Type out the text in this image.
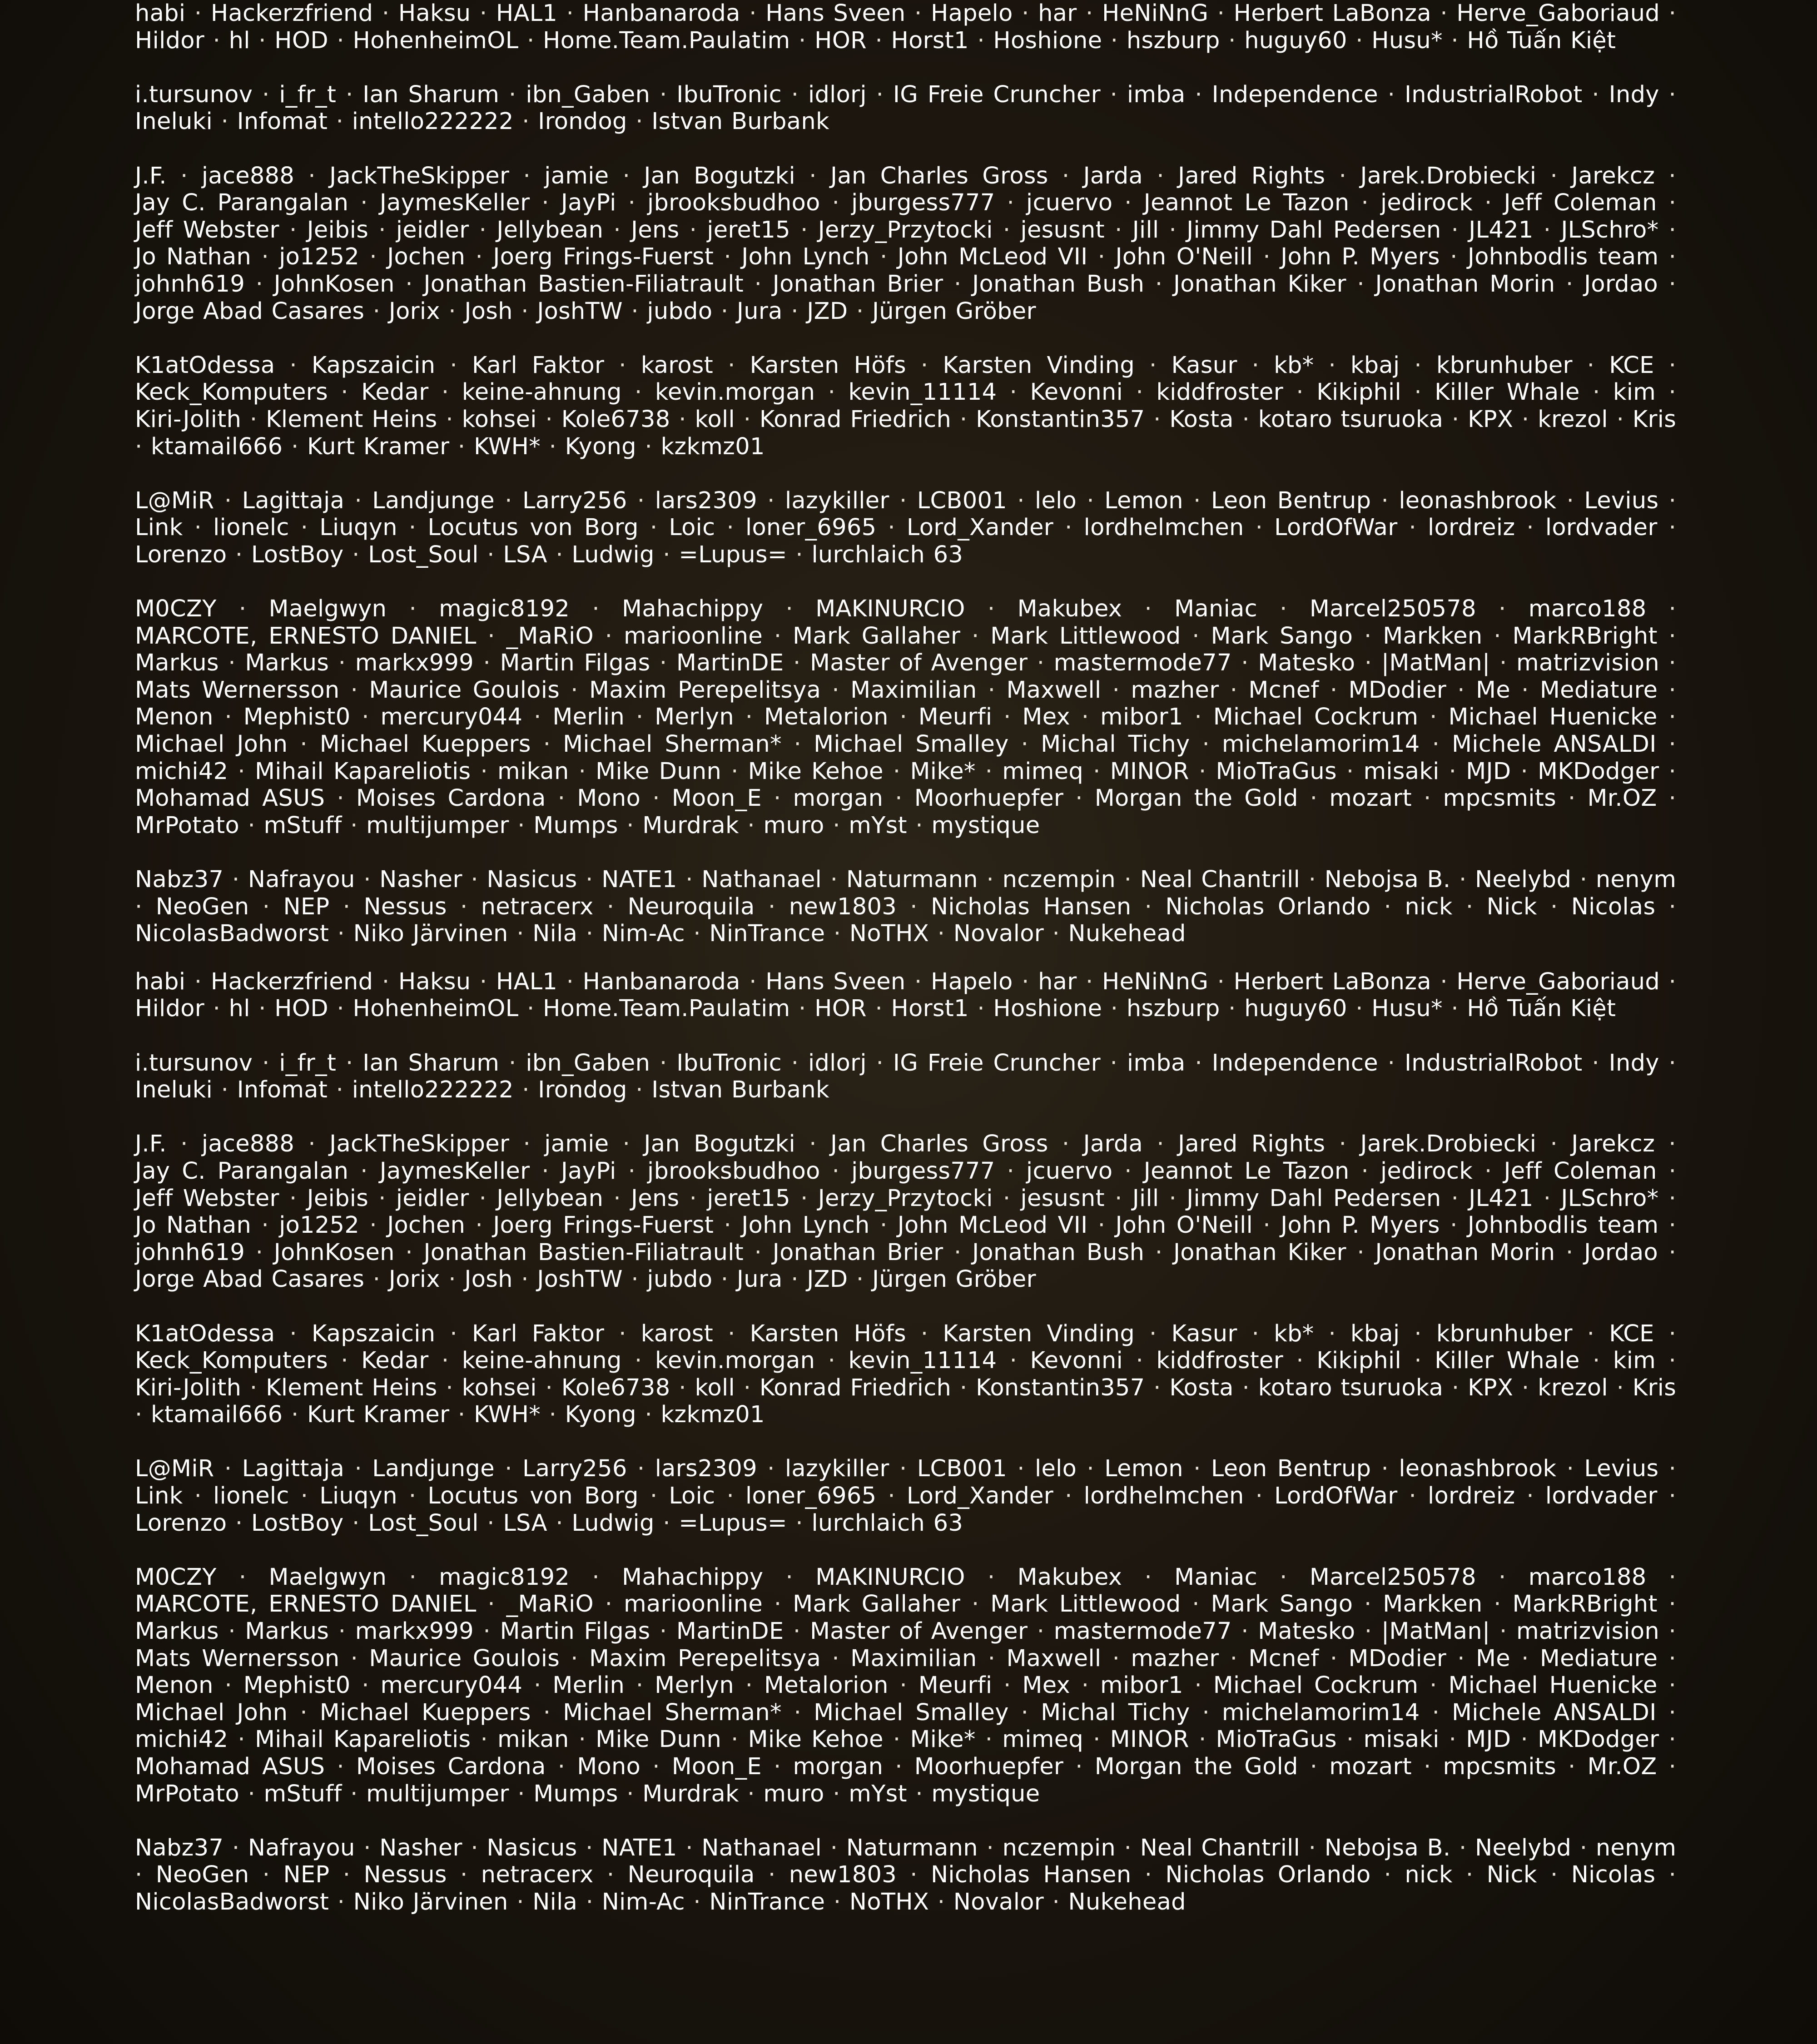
habi · Hackerzfriend · Haksu · HAL1 · Hanbanaroda · Hans Sveen · Hapelo · har · HeNiNnG · Herbert LaBonza · Herve_Gaboriaud · Hildor · hl · HOD · HohenheimOL · Home.Team.Paulatim · HOR · Horst1 · Hoshione · hszburp · huguy60 · Husu* · Hồ Tuấn Kiệt
i.tursunov · i_fr_t · Ian Sharum · ibn_Gaben · IbuTronic · idlorj · IG Freie Cruncher · imba · Independence · IndustrialRobot · Indy · Ineluki · Infomat · intello222222 · Irondog · Istvan Burbank
J.F. · jace888 · JackTheSkipper · jamie · Jan Bogutzki · Jan Charles Gross · Jarda · Jared Rights · Jarek.Drobiecki · Jarekcz · Jay C. Parangalan · JaymesKeller · JayPi · jbrooksbudhoo · jburgess777 · jcuervo · Jeannot Le Tazon · jedirock · Jeff Coleman · Jeff Webster · Jeibis · jeidler · Jellybean · Jens · jeret15 · Jerzy_Przytocki · jesusnt · Jill · Jimmy Dahl Pedersen · JL421 · JLSchro* · Jo Nathan · jo1252 · Jochen · Joerg Frings-Fuerst · John Lynch · John McLeod VII · John O'Neill · John P. Myers · Johnbodlis team · johnh619 · JohnKosen · Jonathan Bastien-Filiatrault · Jonathan Brier · Jonathan Bush · Jonathan Kiker · Jonathan Morin · Jordao · Jorge Abad Casares · Jorix · Josh · JoshTW · jubdo · Jura · JZD · Jürgen Gröber
K1atOdessa · Kapszaicin · Karl Faktor · karost · Karsten Höfs · Karsten Vinding · Kasur · kb* · kbaj · kbrunhuber · KCE · Keck_Komputers · Kedar · keine-ahnung · kevin.morgan · kevin_11114 · Kevonni · kiddfroster · Kikiphil · Killer Whale · kim · Kiri-Jolith · Klement Heins · kohsei · Kole6738 · koll · Konrad Friedrich · Konstantin357 · Kosta · kotaro tsuruoka · KPX · krezol · Kris · ktamail666 · Kurt Kramer · KWH* · Kyong · kzkmz01
L@MiR · Lagittaja · Landjunge · Larry256 · lars2309 · lazykiller · LCB001 · lelo · Lemon · Leon Bentrup · leonashbrook · Levius · Link · lionelc · Liuqyn · Locutus von Borg · Loic · loner_6965 · Lord_Xander · lordhelmchen · LordOfWar · lordreiz · lordvader · Lorenzo · LostBoy · Lost_Soul · LSA · Ludwig · =Lupus= · lurchlaich 63
M0CZY · Maelgwyn · magic8192 · Mahachippy · MAKINURCIO · Makubex · Maniac · Marcel250578 · marco188 · MARCOTE, ERNESTO DANIEL · _MaRiO · marioonline · Mark Gallaher · Mark Littlewood · Mark Sango · Markken · MarkRBright · Markus · Markus · markx999 · Martin Filgas · MartinDE · Master of Avenger · mastermode77 · Matesko · |MatMan| · matrizvision · Mats Wernersson · Maurice Goulois · Maxim Perepelitsya · Maximilian · Maxwell · mazher · Mcnef · MDodier · Me · Mediature · Menon · Mephist0 · mercury044 · Merlin · Merlyn · Metalorion · Meurfi · Mex · mibor1 · Michael Cockrum · Michael Huenicke · Michael John · Michael Kueppers · Michael Sherman* · Michael Smalley · Michal Tichy · michelamorim14 · Michele ANSALDI · michi42 · Mihail Kapareliotis · mikan · Mike Dunn · Mike Kehoe · Mike* · mimeq · MINOR · MioTraGus · misaki · MJD · MKDodger · Mohamad ASUS · Moises Cardona · Mono · Moon_E · morgan · Moorhuepfer · Morgan the Gold · mozart · mpcsmits · Mr.OZ · MrPotato · mStuff · multijumper · Mumps · Murdrak · muro · mYst · mystique
Nabz37 · Nafrayou · Nasher · Nasicus · NATE1 · Nathanael · Naturmann · nczempin · Neal Chantrill · Nebojsa B. · Neelybd · nenym · NeoGen · NEP · Nessus · netracerx · Neuroquila · new1803 · Nicholas Hansen · Nicholas Orlando · nick · Nick · Nicolas · NicolasBadworst · Niko Järvinen · Nila · Nim-Ac · NinTrance · NoTHX · Novalor · Nukehead
habi · Hackerzfriend · Haksu · HAL1 · Hanbanaroda · Hans Sveen · Hapelo · har · HeNiNnG · Herbert LaBonza · Herve_Gaboriaud · Hildor · hl · HOD · HohenheimOL · Home.Team.Paulatim · HOR · Horst1 · Hoshione · hszburp · huguy60 · Husu* · Hồ Tuấn Kiệt
i.tursunov · i_fr_t · Ian Sharum · ibn_Gaben · IbuTronic · idlorj · IG Freie Cruncher · imba · Independence · IndustrialRobot · Indy · Ineluki · Infomat · intello222222 · Irondog · Istvan Burbank
J.F. · jace888 · JackTheSkipper · jamie · Jan Bogutzki · Jan Charles Gross · Jarda · Jared Rights · Jarek.Drobiecki · Jarekcz · Jay C. Parangalan · JaymesKeller · JayPi · jbrooksbudhoo · jburgess777 · jcuervo · Jeannot Le Tazon · jedirock · Jeff Coleman · Jeff Webster · Jeibis · jeidler · Jellybean · Jens · jeret15 · Jerzy_Przytocki · jesusnt · Jill · Jimmy Dahl Pedersen · JL421 · JLSchro* · Jo Nathan · jo1252 · Jochen · Joerg Frings-Fuerst · John Lynch · John McLeod VII · John O'Neill · John P. Myers · Johnbodlis team · johnh619 · JohnKosen · Jonathan Bastien-Filiatrault · Jonathan Brier · Jonathan Bush · Jonathan Kiker · Jonathan Morin · Jordao · Jorge Abad Casares · Jorix · Josh · JoshTW · jubdo · Jura · JZD · Jürgen Gröber
K1atOdessa · Kapszaicin · Karl Faktor · karost · Karsten Höfs · Karsten Vinding · Kasur · kb* · kbaj · kbrunhuber · KCE · Keck_Komputers · Kedar · keine-ahnung · kevin.morgan · kevin_11114 · Kevonni · kiddfroster · Kikiphil · Killer Whale · kim · Kiri-Jolith · Klement Heins · kohsei · Kole6738 · koll · Konrad Friedrich · Konstantin357 · Kosta · kotaro tsuruoka · KPX · krezol · Kris · ktamail666 · Kurt Kramer · KWH* · Kyong · kzkmz01
L@MiR · Lagittaja · Landjunge · Larry256 · lars2309 · lazykiller · LCB001 · lelo · Lemon · Leon Bentrup · leonashbrook · Levius · Link · lionelc · Liuqyn · Locutus von Borg · Loic · loner_6965 · Lord_Xander · lordhelmchen · LordOfWar · lordreiz · lordvader · Lorenzo · LostBoy · Lost_Soul · LSA · Ludwig · =Lupus= · lurchlaich 63
M0CZY · Maelgwyn · magic8192 · Mahachippy · MAKINURCIO · Makubex · Maniac · Marcel250578 · marco188 · MARCOTE, ERNESTO DANIEL · _MaRiO · marioonline · Mark Gallaher · Mark Littlewood · Mark Sango · Markken · MarkRBright · Markus · Markus · markx999 · Martin Filgas · MartinDE · Master of Avenger · mastermode77 · Matesko · |MatMan| · matrizvision · Mats Wernersson · Maurice Goulois · Maxim Perepelitsya · Maximilian · Maxwell · mazher · Mcnef · MDodier · Me · Mediature · Menon · Mephist0 · mercury044 · Merlin · Merlyn · Metalorion · Meurfi · Mex · mibor1 · Michael Cockrum · Michael Huenicke · Michael John · Michael Kueppers · Michael Sherman* · Michael Smalley · Michal Tichy · michelamorim14 · Michele ANSALDI · michi42 · Mihail Kapareliotis · mikan · Mike Dunn · Mike Kehoe · Mike* · mimeq · MINOR · MioTraGus · misaki · MJD · MKDodger · Mohamad ASUS · Moises Cardona · Mono · Moon_E · morgan · Moorhuepfer · Morgan the Gold · mozart · mpcsmits · Mr.OZ · MrPotato · mStuff · multijumper · Mumps · Murdrak · muro · mYst · mystique
Nabz37 · Nafrayou · Nasher · Nasicus · NATE1 · Nathanael · Naturmann · nczempin · Neal Chantrill · Nebojsa B. · Neelybd · nenym · NeoGen · NEP · Nessus · netracerx · Neuroquila · new1803 · Nicholas Hansen · Nicholas Orlando · nick · Nick · Nicolas · NicolasBadworst · Niko Järvinen · Nila · Nim-Ac · NinTrance · NoTHX · Novalor · Nukehead
